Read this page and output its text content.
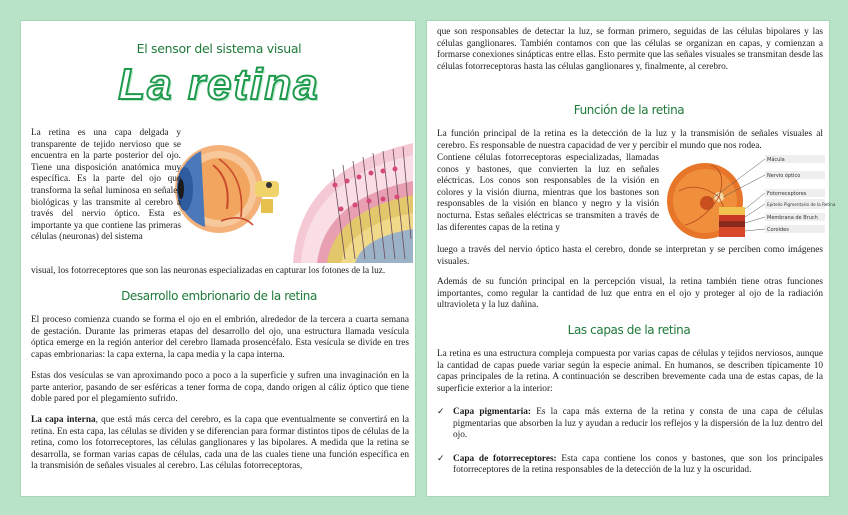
El sensor del sistema visual
La retina

La retina es una capa delgada y transparente de tejido nervioso que se encuentra en la parte posterior del ojo. Tiene una disposición anatómica muy específica. Es la parte del ojo que transforma la señal luminosa en señales biológicas y las transmite al cerebro a través del nervio óptico. Esta es importante ya que contiene las primeras células (neuronas) del sistema

visual, los fotorreceptores que son las neuronas especializadas en capturar los fotones de la luz.

Desarrollo embrionario de la retina

El proceso comienza cuando se forma el ojo en el embrión, alrededor de la tercera a cuarta semana de gestación. Durante las primeras etapas del desarrollo del ojo, una estructura llamada vesícula óptica emerge en la región anterior del cerebro llamada prosencéfalo. Esta vesícula se divide en tres capas embrionarias: la capa externa, la capa media y la capa interna.

Estas dos vesículas se van aproximando poco a poco a la superficie y sufren una invaginación en la parte anterior, pasando de ser esféricas a tener forma de copa, dando origen al cáliz óptico que tiene doble pared por el plegamiento sufrido.

La capa interna, que está más cerca del cerebro, es la capa que eventualmente se convertirá en la retina. En esta capa, las células se dividen y se diferencian para formar distintos tipos de células de la retina, como los fotorreceptores, las células ganglionares y las bipolares. A medida que la retina se desarrolla, se forman varias capas de células, cada una de las cuales tiene una función específica en la transmisión de señales visuales al cerebro. Las células fotorreceptoras,

que son responsables de detectar la luz, se forman primero, seguidas de las células bipolares y las células ganglionares. También contamos con que las células se organizan en capas, y comienzan a formarse conexiones sinápticas entre ellas. Esto permite que las señales visuales se transmitan desde las células fotorreceptoras hasta las células ganglionares y, finalmente, al cerebro.

Función de la retina

La función principal de la retina es la detección de la luz y la transmisión de señales visuales al cerebro. Es responsable de nuestra capacidad de ver y percibir el mundo que nos rodea.

Contiene células fotorreceptoras especializadas, llamadas conos y bastones, que convierten la luz en señales eléctricas. Los conos son responsables de la visión en colores y la visión diurna, mientras que los bastones son responsables de la visión en blanco y negro y la visión nocturna. Estas señales eléctricas se transmiten a través de las diferentes capas de la retina y

luego a través del nervio óptico hasta el cerebro, donde se interpretan y se perciben como imágenes visuales.

Mácula
Nervio óptico
Fotorreceptores
Epitelio Pigmentario de la Retina
Membrana de Bruch
Coroides

Además de su función principal en la percepción visual, la retina también tiene otras funciones importantes, como regular la cantidad de luz que entra en el ojo y proteger al ojo de la radiación ultravioleta y la luz dañina.

Las capas de la retina

La retina es una estructura compleja compuesta por varias capas de células y tejidos nerviosos, aunque la cantidad de capas puede variar según la especie animal. En humanos, se describen típicamente 10 capas principales de la retina. A continuación se describen brevemente cada una de estas capas, de la superficie exterior a la interior:

✓ Capa pigmentaria: Es la capa más externa de la retina y consta de una capa de células pigmentarias que absorben la luz y ayudan a reducir los reflejos y la dispersión de la luz dentro del ojo.
✓ Capa de fotorreceptores: Esta capa contiene los conos y bastones, que son los principales fotorreceptores de la retina responsables de la detección de la luz y la oscuridad.
